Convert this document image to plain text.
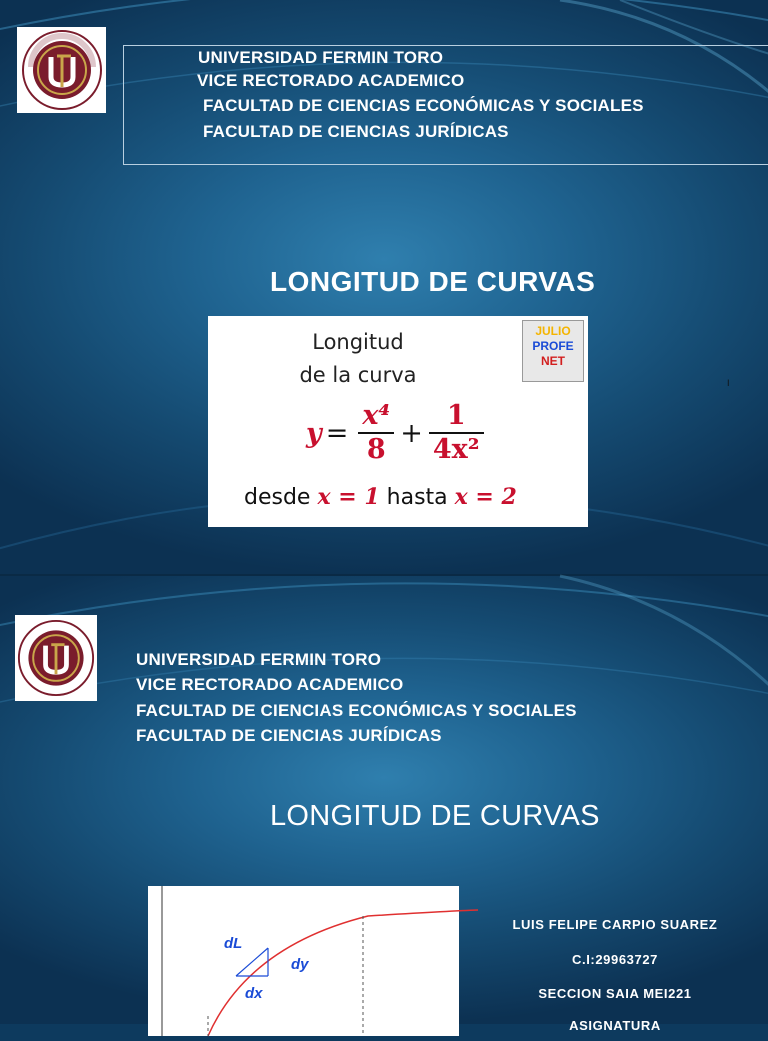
UNIVERSIDAD FERMIN TORO
VICE RECTORADO ACADEMICO
FACULTAD DE CIENCIAS ECONÓMICAS Y SOCIALES
FACULTAD DE CIENCIAS JURÍDICAS
LONGITUD DE CURVAS
Longitud
de la curva
JULIO
PROFE
NET
$y = \frac{\text{x⁴}}{8} + \frac{1}{\text{4x²}}$
desde x = 1 hasta x = 2
I
UNIVERSIDAD FERMIN TORO
VICE RECTORADO ACADEMICO
FACULTAD DE CIENCIAS ECONÓMICAS Y SOCIALES
FACULTAD DE CIENCIAS JURÍDICAS
LONGITUD DE CURVAS
dL
dy
dx
LUIS FELIPE CARPIO SUAREZ
C.I:29963727
SECCION SAIA MEI221
ASIGNATURA
